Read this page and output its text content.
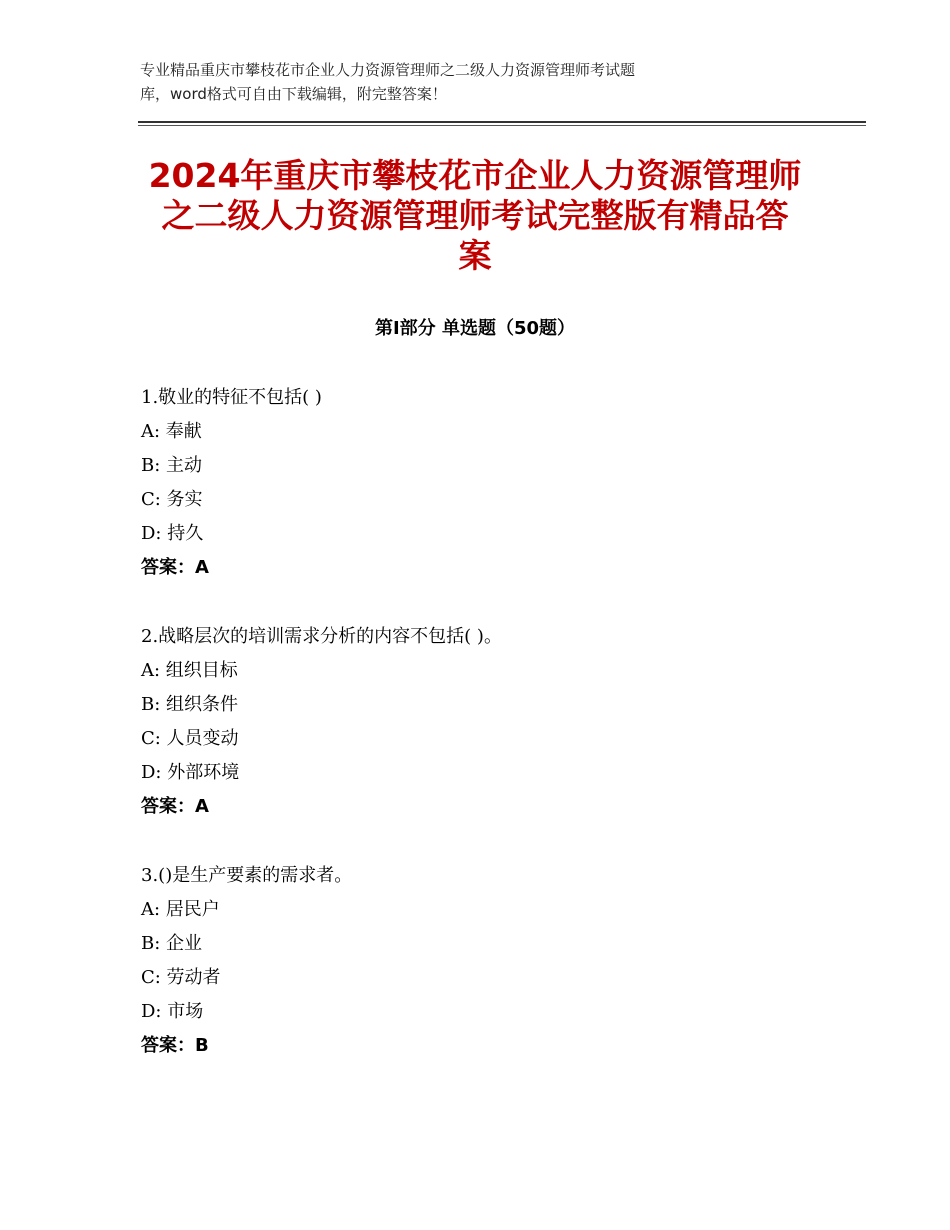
专业精品重庆市攀枝花市企业人力资源管理师之二级人力资源管理师考试题
库，word格式可自由下载编辑，附完整答案！
2024年重庆市攀枝花市企业人力资源管理师
之二级人力资源管理师考试完整版有精品答
案
第Ⅰ部分 单选题（50题）
1.敬业的特征不包括( )
A: 奉献
B: 主动
C: 务实
D: 持久
答案：A
2.战略层次的培训需求分析的内容不包括( )。
A: 组织目标
B: 组织条件
C: 人员变动
D: 外部环境
答案：A
3.()是生产要素的需求者。
A: 居民户
B: 企业
C: 劳动者
D: 市场
答案：B
